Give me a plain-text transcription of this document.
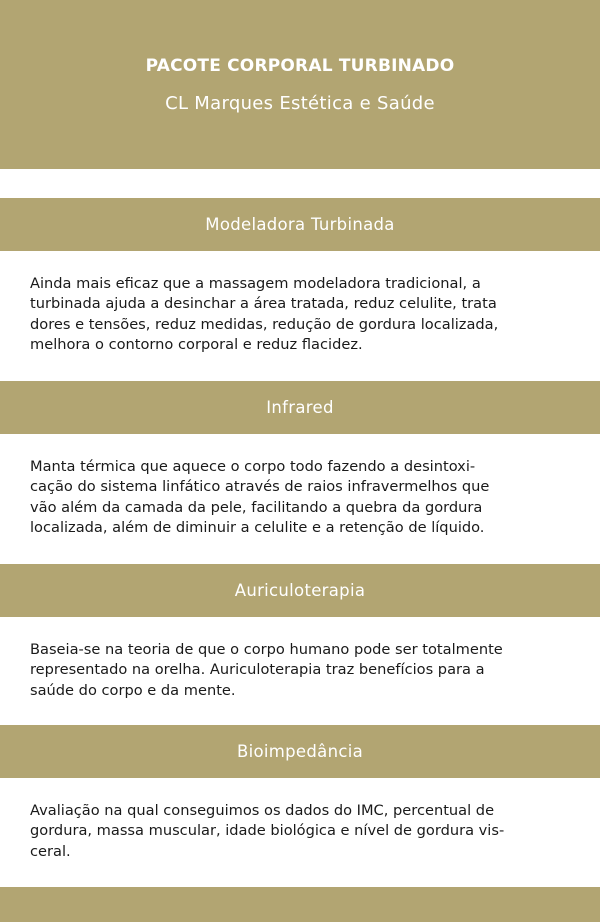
PACOTE CORPORAL TURBINADO
CL Marques Estética e Saúde
Modeladora Turbinada

Ainda mais eficaz que a massagem modeladora tradicional, a
turbinada ajuda a desinchar a área tratada, reduz celulite, trata
dores e tensões, reduz medidas, redução de gordura localizada,
melhora o contorno corporal e reduz flacidez.

Infrared

Manta térmica que aquece o corpo todo fazendo a desintoxi-
cação do sistema linfático através de raios infravermelhos que
vão além da camada da pele, facilitando a quebra da gordura
localizada, além de diminuir a celulite e a retenção de líquido.

Auriculoterapia

Baseia-se na teoria de que o corpo humano pode ser totalmente
representado na orelha. Auriculoterapia traz benefícios para a
saúde do corpo e da mente.

Bioimpedância

Avaliação na qual conseguimos os dados do IMC, percentual de
gordura, massa muscular, idade biológica e nível de gordura vis-
ceral.
